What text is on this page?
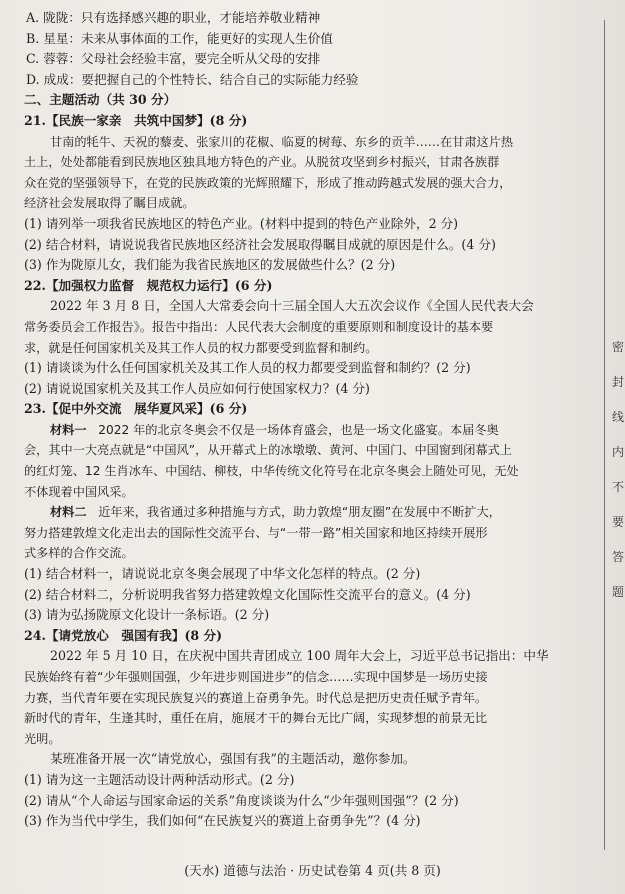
A. 陇陇：只有选择感兴趣的职业，才能培养敬业精神
B. 星星：未来从事体面的工作，能更好的实现人生价值
C. 蓉蓉：父母社会经验丰富，要完全听从父母的安排
D. 成成：要把握自己的个性特长、结合自己的实际能力经验
二、主题活动（共 30 分）
21.【民族一家亲　共筑中国梦】(8 分)
甘南的牦牛、天祝的藜麦、张家川的花椒、临夏的树莓、东乡的贡羊……在甘肃这片热
土上，处处都能看到民族地区独具地方特色的产业。从脱贫攻坚到乡村振兴，甘肃各族群
众在党的坚强领导下，在党的民族政策的光辉照耀下，形成了推动跨越式发展的强大合力，
经济社会发展取得了瞩目成就。
(1) 请列举一项我省民族地区的特色产业。(材料中提到的特色产业除外，2 分)
(2) 结合材料，请说说我省民族地区经济社会发展取得瞩目成就的原因是什么。(4 分)
(3) 作为陇原儿女，我们能为我省民族地区的发展做些什么？(2 分)
22.【加强权力监督　规范权力运行】(6 分)
2022 年 3 月 8 日，全国人大常委会向十三届全国人大五次会议作《全国人民代表大会
常务委员会工作报告》。报告中指出：人民代表大会制度的重要原则和制度设计的基本要
求，就是任何国家机关及其工作人员的权力都要受到监督和制约。
(1) 请谈谈为什么任何国家机关及其工作人员的权力都要受到监督和制约？(2 分)
(2) 请说说国家机关及其工作人员应如何行使国家权力？(4 分)
23.【促中外交流　展华夏风采】(6 分)
材料一 2022 年的北京冬奥会不仅是一场体育盛会，也是一场文化盛宴。本届冬奥
会，其中一大亮点就是“中国风”，从开幕式上的冰墩墩、黄河、中国门、中国窗到闭幕式上
的红灯笼、12 生肖冰车、中国结、柳枝，中华传统文化符号在北京冬奥会上随处可见，无处
不体现着中国风采。
材料二 近年来，我省通过多种措施与方式，助力敦煌“朋友圈”在发展中不断扩大，
努力搭建敦煌文化走出去的国际性交流平台、与“一带一路”相关国家和地区持续开展形
式多样的合作交流。
(1) 结合材料一，请说说北京冬奥会展现了中华文化怎样的特点。(2 分)
(2) 结合材料二，分析说明我省努力搭建敦煌文化国际性交流平台的意义。(4 分)
(3) 请为弘扬陇原文化设计一条标语。(2 分)
24.【请党放心　强国有我】(8 分)
2022 年 5 月 10 日，在庆祝中国共青团成立 100 周年大会上，习近平总书记指出：中华
民族始终有着“少年强则国强，少年进步则国进步”的信念……实现中国梦是一场历史接
力赛，当代青年要在实现民族复兴的赛道上奋勇争先。时代总是把历史责任赋予青年。
新时代的青年，生逢其时，重任在肩，施展才干的舞台无比广阔，实现梦想的前景无比
光明。
某班准备开展一次“请党放心，强国有我”的主题活动，邀你参加。
(1) 请为这一主题活动设计两种活动形式。(2 分)
(2) 请从“个人命运与国家命运的关系”角度谈谈为什么“少年强则国强”？(2 分)
(3) 作为当代中学生，我们如何“在民族复兴的赛道上奋勇争先”？(4 分)
密
封
线
内
不
要
答
题
(天水) 道德与法治 · 历史试卷第 4 页(共 8 页)
